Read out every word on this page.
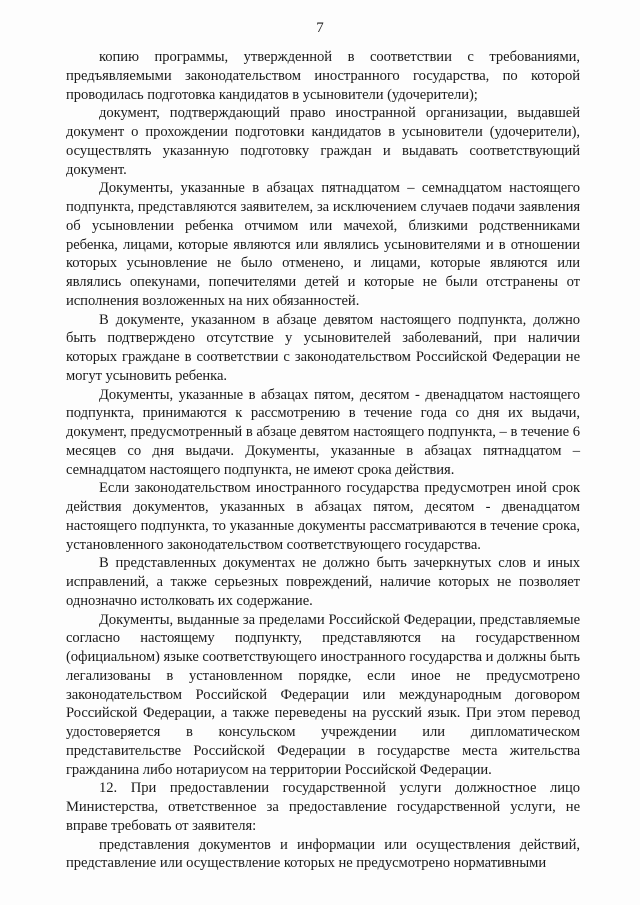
7

копию программы, утвержденной в соответствии с требованиями, предъявляемыми законодательством иностранного государства, по которой проводилась подготовка кандидатов в усыновители (удочерители);

документ, подтверждающий право иностранной организации, выдавшей документ о прохождении подготовки кандидатов в усыновители (удочерители), осуществлять указанную подготовку граждан и выдавать соответствующий документ.

Документы, указанные в абзацах пятнадцатом – семнадцатом настоящего подпункта, представляются заявителем, за исключением случаев подачи заявления об усыновлении ребенка отчимом или мачехой, близкими родственниками ребенка, лицами, которые являются или являлись усыновителями и в отношении которых усыновление не было отменено, и лицами, которые являются или являлись опекунами, попечителями детей и которые не были отстранены от исполнения возложенных на них обязанностей.

В документе, указанном в абзаце девятом настоящего подпункта, должно быть подтверждено отсутствие у усыновителей заболеваний, при наличии которых граждане в соответствии с законодательством Российской Федерации не могут усыновить ребенка.

Документы, указанные в абзацах пятом, десятом - двенадцатом настоящего подпункта, принимаются к рассмотрению в течение года со дня их выдачи, документ, предусмотренный в абзаце девятом настоящего подпункта, – в течение 6 месяцев со дня выдачи. Документы, указанные в абзацах пятнадцатом – семнадцатом настоящего подпункта, не имеют срока действия.

Если законодательством иностранного государства предусмотрен иной срок действия документов, указанных в абзацах пятом, десятом - двенадцатом настоящего подпункта, то указанные документы рассматриваются в течение срока, установленного законодательством соответствующего государства.

В представленных документах не должно быть зачеркнутых слов и иных исправлений, а также серьезных повреждений, наличие которых не позволяет однозначно истолковать их содержание.

Документы, выданные за пределами Российской Федерации, представляемые согласно настоящему подпункту, представляются на государственном (официальном) языке соответствующего иностранного государства и должны быть легализованы в установленном порядке, если иное не предусмотрено законодательством Российской Федерации или международным договором Российской Федерации, а также переведены на русский язык. При этом перевод удостоверяется в консульском учреждении или дипломатическом представительстве Российской Федерации в государстве места жительства гражданина либо нотариусом на территории Российской Федерации.

12. При предоставлении государственной услуги должностное лицо Министерства, ответственное за предоставление государственной услуги, не вправе требовать от заявителя:

представления документов и информации или осуществления действий, представление или осуществление которых не предусмотрено нормативными
